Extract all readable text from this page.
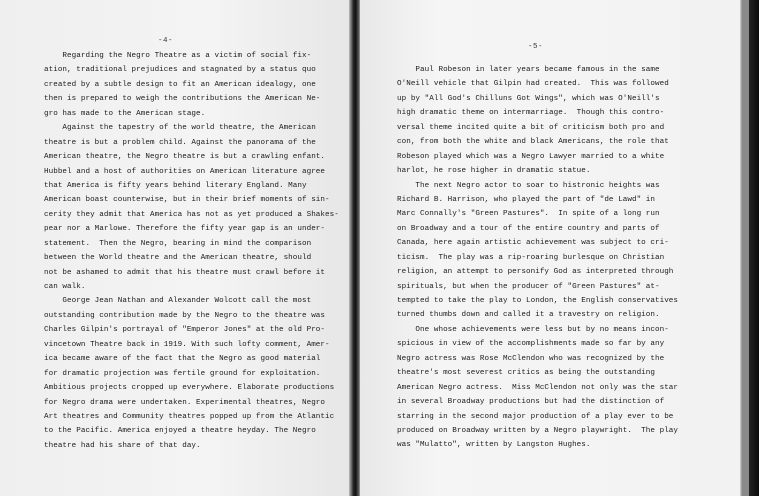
-4-
Regarding the Negro Theatre as a victim of social fix-
ation, traditional prejudices and stagnated by a status quo
created by a subtle design to fit an American idealogy, one
then is prepared to weigh the contributions the American Ne-
gro has made to the American stage.
Against the tapestry of the world theatre, the American
theatre is but a problem child. Against the panorama of the
American theatre, the Negro theatre is but a crawling enfant.
Hubbel and a host of authorities on American literature agree
that America is fifty years behind literary England. Many
American boast counterwise, but in their brief moments of sin-
cerity they admit that America has not as yet produced a Shakes-
pear nor a Marlowe. Therefore the fifty year gap is an under-
statement.  Then the Negro, bearing in mind the comparison
between the World theatre and the American theatre, should
not be ashamed to admit that his theatre must crawl before it
can walk.
George Jean Nathan and Alexander Wolcott call the most
outstanding contribution made by the Negro to the theatre was
Charles Gilpin's portrayal of "Emperor Jones" at the old Pro-
vincetown Theatre back in 1919. With such lofty comment, Amer-
ica became aware of the fact that the Negro as good material
for dramatic projection was fertile ground for exploitation.
Ambitious projects cropped up everywhere. Elaborate productions
for Negro drama were undertaken. Experimental theatres, Negro
Art theatres and Community theatres popped up from the Atlantic
to the Pacific. America enjoyed a theatre heyday. The Negro
theatre had his share of that day.
-5-
Paul Robeson in later years became famous in the same
O'Neill vehicle that Gilpin had created.  This was followed
up by "All God's Chilluns Got Wings", which was O'Neill's
high dramatic theme on intermarriage.  Though this contro-
versal theme incited quite a bit of criticism both pro and
con, from both the white and black Americans, the role that
Robeson played which was a Negro Lawyer married to a white
harlot, he rose higher in dramatic statue.
The next Negro actor to soar to histronic heights was
Richard B. Harrison, who played the part of "de Lawd" in
Marc Connally's "Green Pastures".  In spite of a long run
on Broadway and a tour of the entire country and parts of
Canada, here again artistic achievement was subject to cri-
ticism.  The play was a rip-roaring burlesque on Christian
religion, an attempt to personify God as interpreted through
spirituals, but when the producer of "Green Pastures" at-
tempted to take the play to London, the English conservatives
turned thumbs down and called it a travestry on religion.
One whose achievements were less but by no means incon-
spicious in view of the accomplishments made so far by any
Negro actress was Rose McClendon who was recognized by the
theatre's most severest critics as being the outstanding
American Negro actress.  Miss McClendon not only was the star
in several Broadway productions but had the distinction of
starring in the second major production of a play ever to be
produced on Broadway written by a Negro playwright.  The play
was "Mulatto", written by Langston Hughes.
